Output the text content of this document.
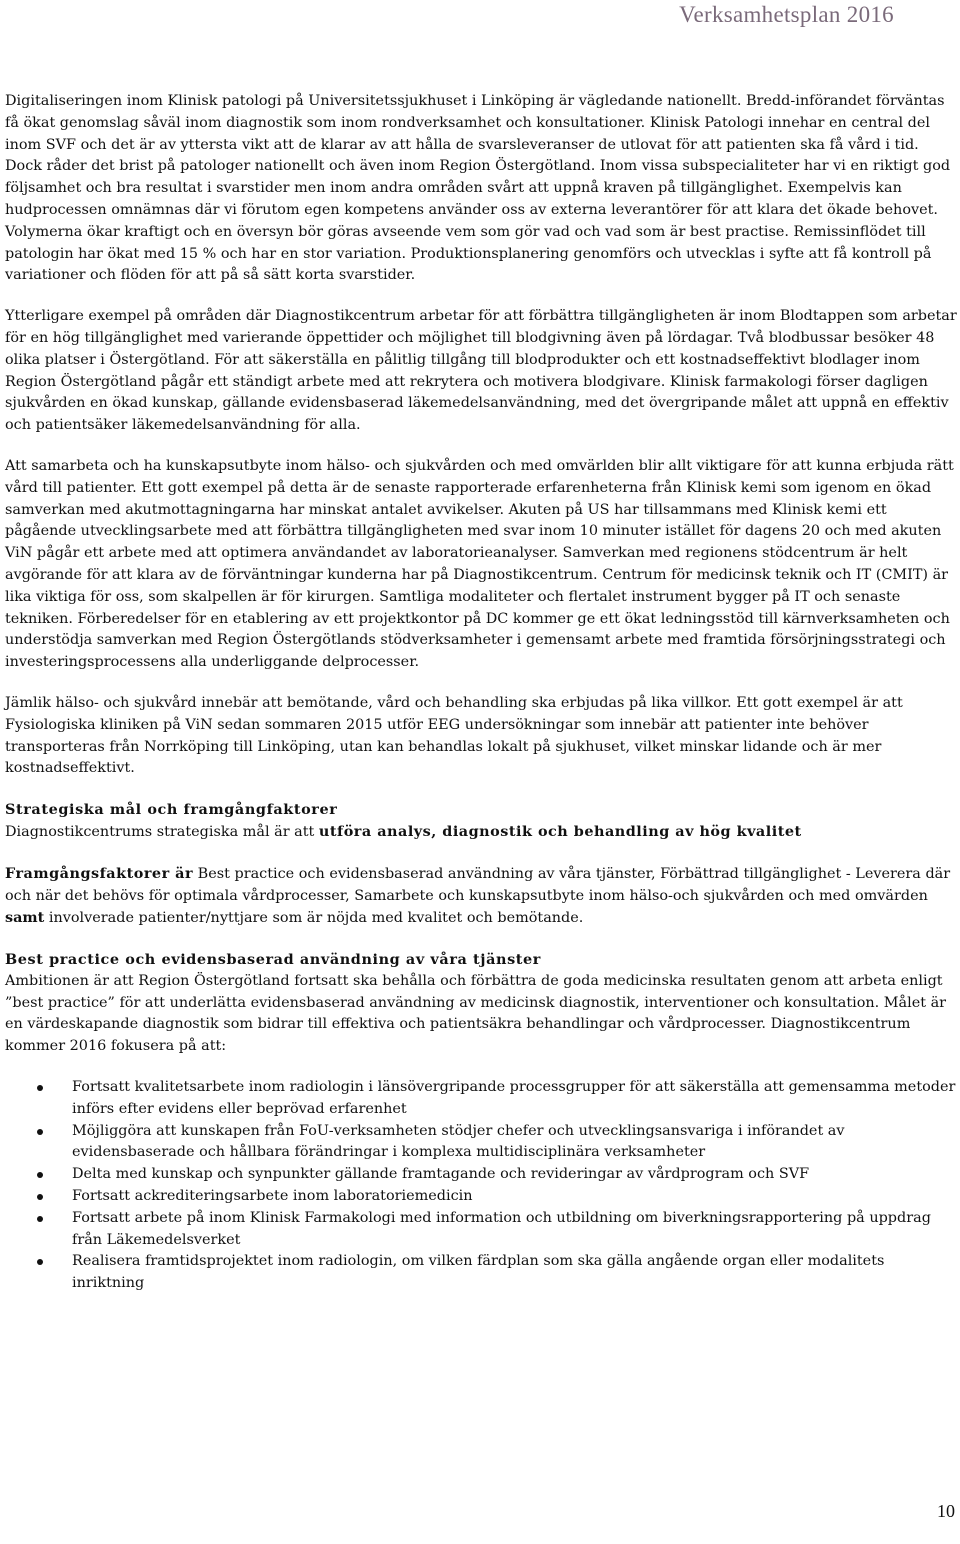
Verksamhetsplan 2016

Digitaliseringen inom Klinisk patologi på Universitetssjukhuset i Linköping är vägledande nationellt. Bredd-införandet förväntas få ökat genomslag såväl inom diagnostik som inom rondverksamhet och konsultationer. Klinisk Patologi innehar en central del inom SVF och det är av yttersta vikt att de klarar av att hålla de svarsleveranser de utlovat för att patienten ska få vård i tid. Dock råder det brist på patologer nationellt och även inom Region Östergötland. Inom vissa subspecialiteter har vi en riktigt god följsamhet och bra resultat i svarstider men inom andra områden svårt att uppnå kraven på tillgänglighet. Exempelvis kan hudprocessen omnämnas där vi förutom egen kompetens använder oss av externa leverantörer för att klara det ökade behovet. Volymerna ökar kraftigt och en översyn bör göras avseende vem som gör vad och vad som är best practise. Remissinflödet till patologin har ökat med 15 % och har en stor variation. Produktionsplanering genomförs och utvecklas i syfte att få kontroll på variationer och flöden för att på så sätt korta svarstider.

Ytterligare exempel på områden där Diagnostikcentrum arbetar för att förbättra tillgängligheten är inom Blodtappen som arbetar för en hög tillgänglighet med varierande öppettider och möjlighet till blodgivning även på lördagar. Två blodbussar besöker 48 olika platser i Östergötland. För att säkerställa en pålitlig tillgång till blodprodukter och ett kostnadseffektivt blodlager inom Region Östergötland pågår ett ständigt arbete med att rekrytera och motivera blodgivare. Klinisk farmakologi förser dagligen sjukvården en ökad kunskap, gällande evidensbaserad läkemedelsanvändning, med det övergripande målet att uppnå en effektiv och patientsäker läkemedelsanvändning för alla.

Att samarbeta och ha kunskapsutbyte inom hälso- och sjukvården och med omvärlden blir allt viktigare för att kunna erbjuda rätt vård till patienter. Ett gott exempel på detta är de senaste rapporterade erfarenheterna från Klinisk kemi som igenom en ökad samverkan med akutmottagningarna har minskat antalet avvikelser. Akuten på US har tillsammans med Klinisk kemi ett pågående utvecklingsarbete med att förbättra tillgängligheten med svar inom 10 minuter istället för dagens 20 och med akuten ViN pågår ett arbete med att optimera användandet av laboratorieanalyser. Samverkan med regionens stödcentrum är helt avgörande för att klara av de förväntningar kunderna har på Diagnostikcentrum. Centrum för medicinsk teknik och IT (CMIT) är lika viktiga för oss, som skalpellen är för kirurgen. Samtliga modaliteter och flertalet instrument bygger på IT och senaste tekniken. Förberedelser för en etablering av ett projektkontor på DC kommer ge ett ökat ledningsstöd till kärnverksamheten och understödja samverkan med Region Östergötlands stödverksamheter i gemensamt arbete med framtida försörjningsstrategi och investeringsprocessens alla underliggande delprocesser.

Jämlik hälso- och sjukvård innebär att bemötande, vård och behandling ska erbjudas på lika villkor. Ett gott exempel är att Fysiologiska kliniken på ViN sedan sommaren 2015 utför EEG undersökningar som innebär att patienter inte behöver transporteras från Norrköping till Linköping, utan kan behandlas lokalt på sjukhuset, vilket minskar lidande och är mer kostnadseffektivt.

Strategiska mål och framgångfaktorer
Diagnostikcentrums strategiska mål är att utföra analys, diagnostik och behandling av hög kvalitet

Framgångsfaktorer är Best practice och evidensbaserad användning av våra tjänster, Förbättrad tillgänglighet - Leverera där och när det behövs för optimala vårdprocesser, Samarbete och kunskapsutbyte inom hälso-och sjukvården och med omvärden samt involverade patienter/nyttjare som är nöjda med kvalitet och bemötande.

Best practice och evidensbaserad användning av våra tjänster
Ambitionen är att Region Östergötland fortsatt ska behålla och förbättra de goda medicinska resultaten genom att arbeta enligt ”best practice” för att underlätta evidensbaserad användning av medicinsk diagnostik, interventioner och konsultation. Målet är en värdeskapande diagnostik som bidrar till effektiva och patientsäkra behandlingar och vårdprocesser. Diagnostikcentrum kommer 2016 fokusera på att:
Fortsatt kvalitetsarbete inom radiologin i länsövergripande processgrupper för att säkerställa att gemensamma metoder införs efter evidens eller beprövad erfarenhet
Möjliggöra att kunskapen från FoU-verksamheten stödjer chefer och utvecklingsansvariga i införandet av evidensbaserade och hållbara förändringar i komplexa multidisciplinära verksamheter
Delta med kunskap och synpunkter gällande framtagande och revideringar av vårdprogram och SVF
Fortsatt ackrediteringsarbete inom laboratoriemedicin
Fortsatt arbete på inom Klinisk Farmakologi med information och utbildning om biverkningsrapportering på uppdrag från Läkemedelsverket
Realisera framtidsprojektet inom radiologin, om vilken färdplan som ska gälla angående organ eller modalitets inriktning
10
